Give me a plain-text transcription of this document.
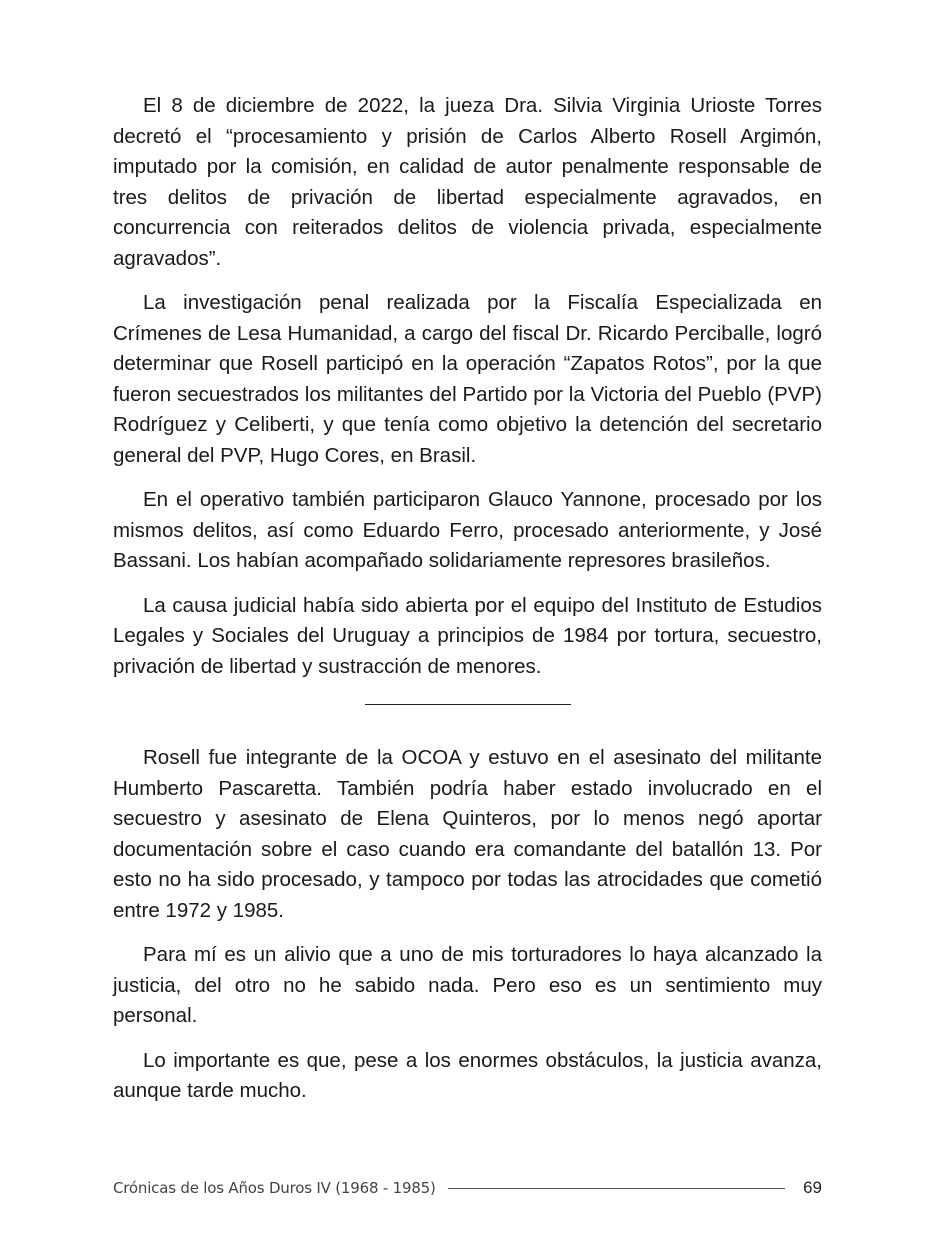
El 8 de diciembre de 2022, la jueza Dra. Silvia Virginia Urioste Torres decretó el “procesamiento y prisión de Carlos Alberto Rosell Argimón, imputado por la comisión, en calidad de autor penalmente responsable de tres delitos de privación de libertad especialmente agravados, en concurrencia con reiterados delitos de violencia privada, especialmente agravados”.

La investigación penal realizada por la Fiscalía Especializada en Crímenes de Lesa Humanidad, a cargo del fiscal Dr. Ricardo Perciballe, logró determinar que Rosell participó en la operación “Zapatos Rotos”, por la que fueron secuestrados los militantes del Partido por la Victoria del Pueblo (PVP) Rodríguez y Celiberti, y que tenía como objetivo la detención del secretario general del PVP, Hugo Cores, en Brasil.

En el operativo también participaron Glauco Yannone, procesado por los mismos delitos, así como Eduardo Ferro, procesado anteriormente, y José Bassani. Los habían acompañado solidariamente represores brasileños.

La causa judicial había sido abierta por el equipo del Instituto de Estudios Legales y Sociales del Uruguay a principios de 1984 por tortura, secuestro, privación de libertad y sustracción de menores.

Rosell fue integrante de la OCOA y estuvo en el asesinato del militante Humberto Pascaretta. También podría haber estado involucrado en el secuestro y asesinato de Elena Quinteros, por lo menos negó aportar documentación sobre el caso cuando era comandante del batallón 13. Por esto no ha sido procesado, y tampoco por todas las atrocidades que cometió entre 1972 y 1985.

Para mí es un alivio que a uno de mis torturadores lo haya alcanzado la justicia, del otro no he sabido nada. Pero eso es un sentimiento muy personal.

Lo importante es que, pese a los enormes obstáculos, la justicia avanza, aunque tarde mucho.

Crónicas de los Años Duros IV (1968 - 1985)	69
